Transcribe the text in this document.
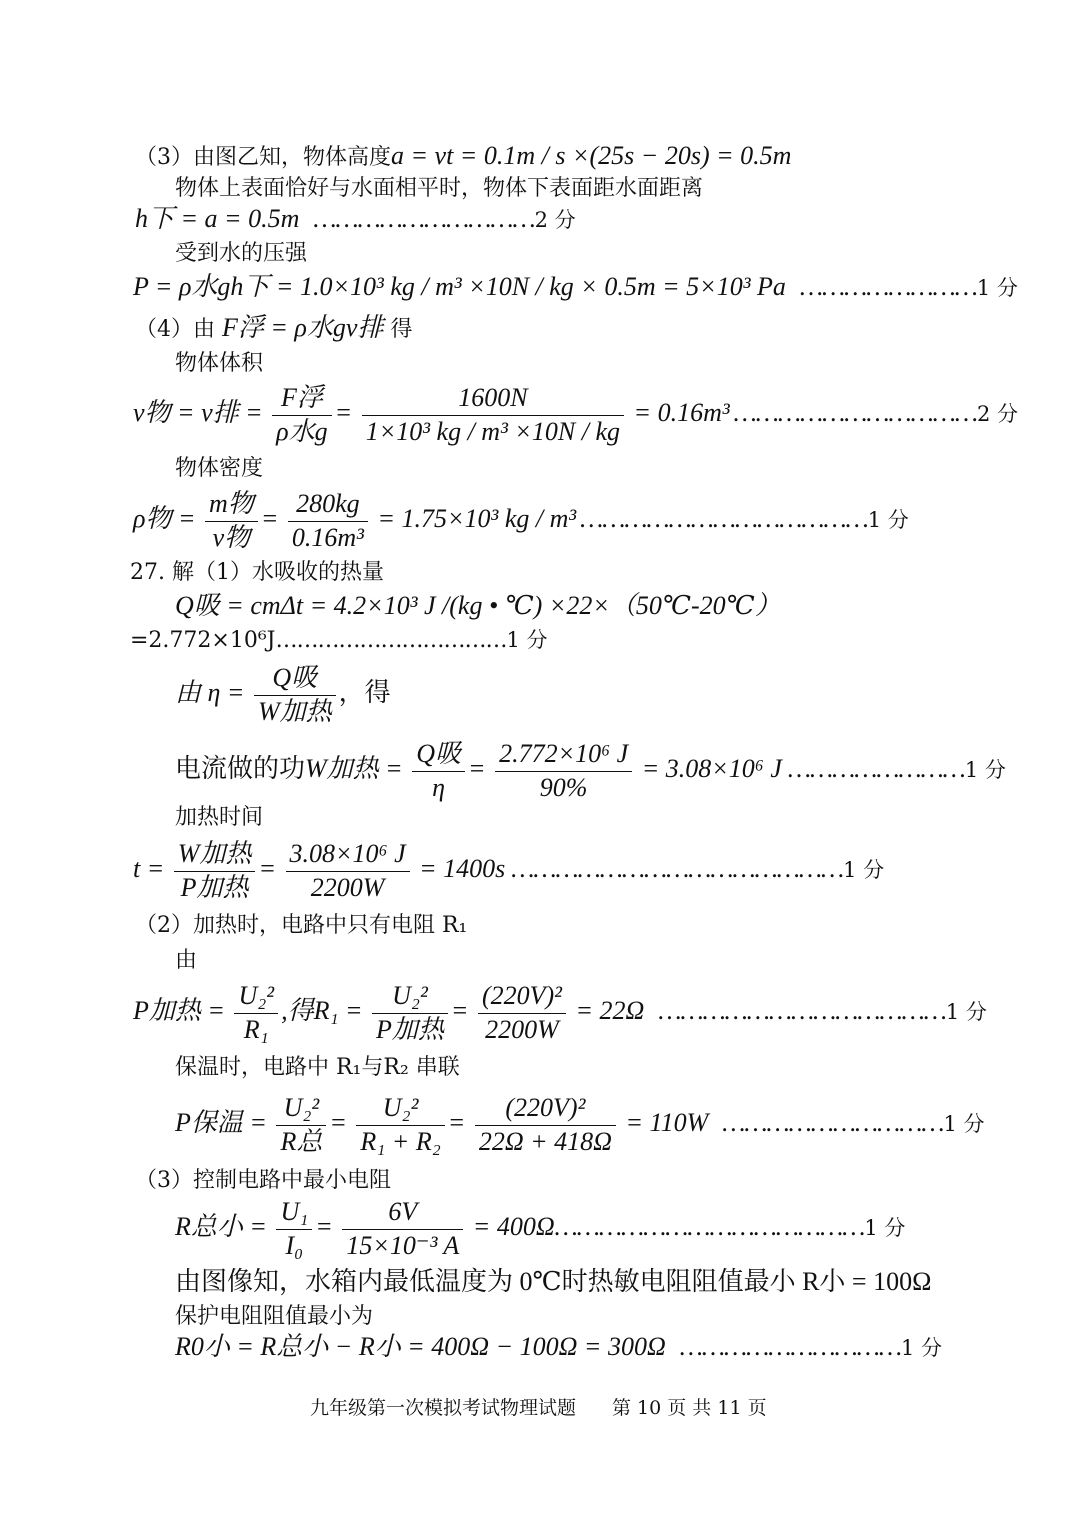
（3）由图乙知，物体高度a = vt = 0.1m / s ×(25s − 20s) = 0.5m
物体上表面恰好与水面相平时，物体下表面距水面距离
h下 = a = 0.5m …………………………2 分
受到水的压强
P = ρ水gh下 = 1.0×10³ kg / m³ ×10N / kg × 0.5m = 5×10³ Pa ……………………1 分
（4）由 F浮 = ρ水gv排 得
物体体积
v物 = v排 = $\frac{\text{F浮}}{\text{ρ水g}} = \frac{1600N}{\text{1×10³ kg / m³ ×10N / kg}} = 0.16m^3$ ……………………………2 分
物体密度
ρ物 = $\frac{\text{m物}}{\text{v物}} = \frac{280kg}{\text{0.16m³}} = 1.75\times 10^3$ kg / m³ …………………………………1 分
27. 解（1）水吸收的热量
Q吸 = cmΔt = 4.2×10³ J /(kg • ℃) ×22×（50℃-20℃）
=2.772×10⁶J……………………………1 分
由 $\eta = \frac{\text{Q吸}}{\text{W加热}}$ ，得
电流做的功W加热 = $\frac{\text{Q吸}}{\eta} = \frac{\text{2.772×10⁶ J}}{90\%} = 3.08\times 10^6$ J ……………………1 分
加热时间
$t = \frac{\text{W加热}}{\text{P加热}} = \frac{\text{3.08×10⁶ J}}{2200W} = 1400s$ ………………………………………1 分
（2）加热时，电路中只有电阻 R₁
由
P加热 = $\frac{\text{U₂²}}{\text{R₁}}$ ,得$R_1 = \frac{\text{U₂²}}{\text{P加热}} = \frac{\text{(220V)²}}{2200W} = 22\Omega$ …………………………………1 分
保温时，电路中 R₁与R₂ 串联
P保温 = $\frac{\text{U₂²}}{\text{R总}} = \frac{\text{U₂²}}{\text{R₁ + R₂}} = \frac{\text{(220V)²}}{22\Omega + 418\Omega} = 110W$ …………………………1 分
（3）控制电路中最小电阻
R总小 = $\frac{\text{U₁}}{\text{I₀}} = \frac{6V}{\text{15×10⁻³ A}}$ = 400Ω……………………………………1 分
由图像知，水箱内最低温度为 0℃时热敏电阻阻值最小 R小 = 100Ω
保护电阻阻值最小为
R0小 = R总小 − R小 = 400Ω − 100Ω = 300Ω …………………………1 分
九年级第一次模拟考试物理试题 第 10 页 共 11 页
